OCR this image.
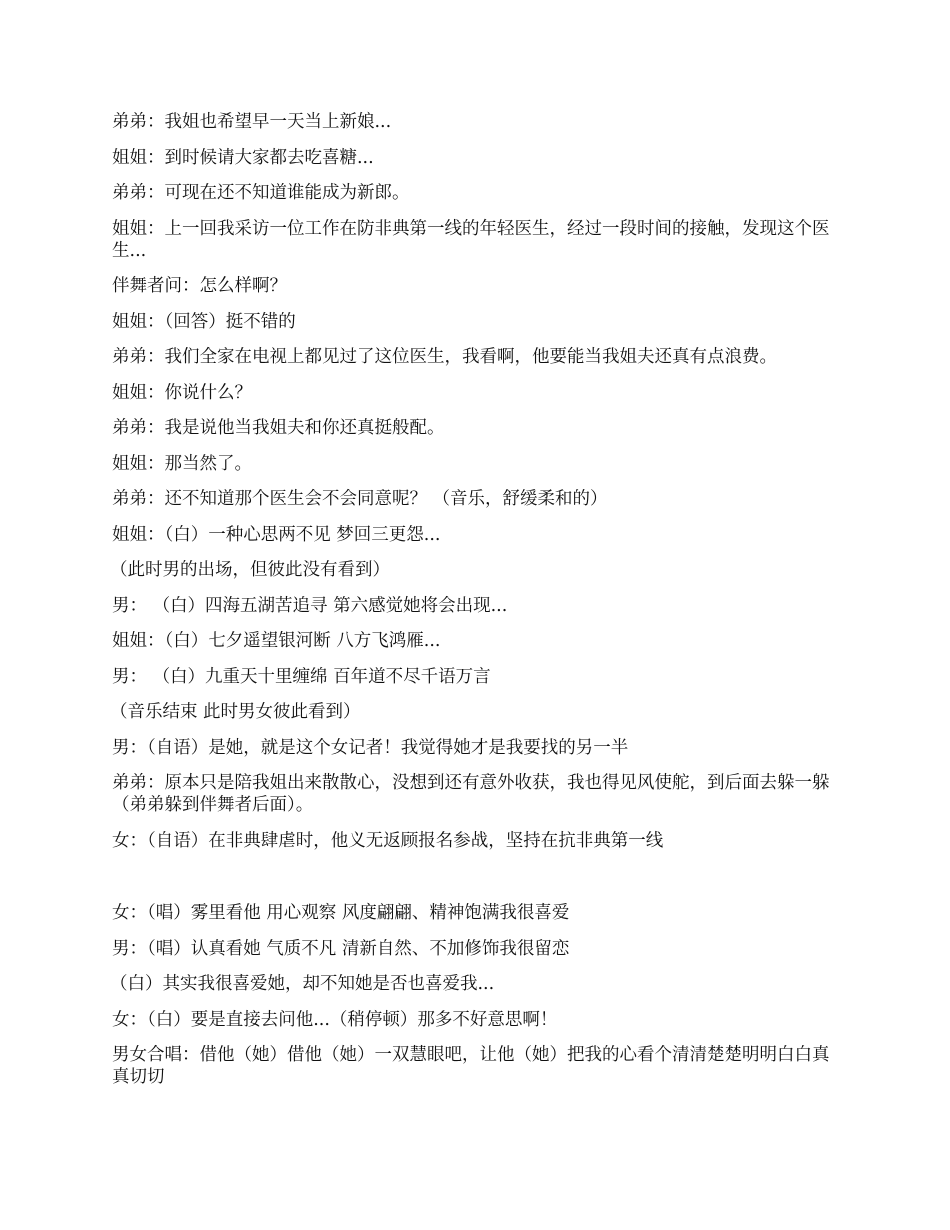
弟弟：我姐也希望早一天当上新娘...

姐姐：到时候请大家都去吃喜糖...

弟弟：可现在还不知道谁能成为新郎。

姐姐：上一回我采访一位工作在防非典第一线的年轻医生，经过一段时间的接触，发现这个医生...

伴舞者问：怎么样啊？

姐姐：（回答）挺不错的

弟弟：我们全家在电视上都见过了这位医生，我看啊，他要能当我姐夫还真有点浪费。

姐姐：你说什么？

弟弟：我是说他当我姐夫和你还真挺般配。

姐姐：那当然了。

弟弟：还不知道那个医生会不会同意呢？ （音乐，舒缓柔和的）

姐姐：（白）一种心思两不见 梦回三更怨...

（此时男的出场，但彼此没有看到）

男： （白）四海五湖苦追寻 第六感觉她将会出现...

姐姐：（白）七夕遥望银河断 八方飞鸿雁...

男： （白）九重天十里缠绵 百年道不尽千语万言

（音乐结束 此时男女彼此看到）

男：（自语）是她，就是这个女记者！我觉得她才是我要找的另一半

弟弟：原本只是陪我姐出来散散心，没想到还有意外收获，我也得见风使舵，到后面去躲一躲（弟弟躲到伴舞者后面）。

女：（自语）在非典肆虐时，他义无返顾报名参战，坚持在抗非典第一线

女：（唱）雾里看他 用心观察 风度翩翩、精神饱满我很喜爱

男：（唱）认真看她 气质不凡 清新自然、不加修饰我很留恋

（白）其实我很喜爱她，却不知她是否也喜爱我...

女：（白）要是直接去问他...（稍停顿）那多不好意思啊！

男女合唱：借他（她）借他（她）一双慧眼吧，让他（她）把我的心看个清清楚楚明明白白真真切切
